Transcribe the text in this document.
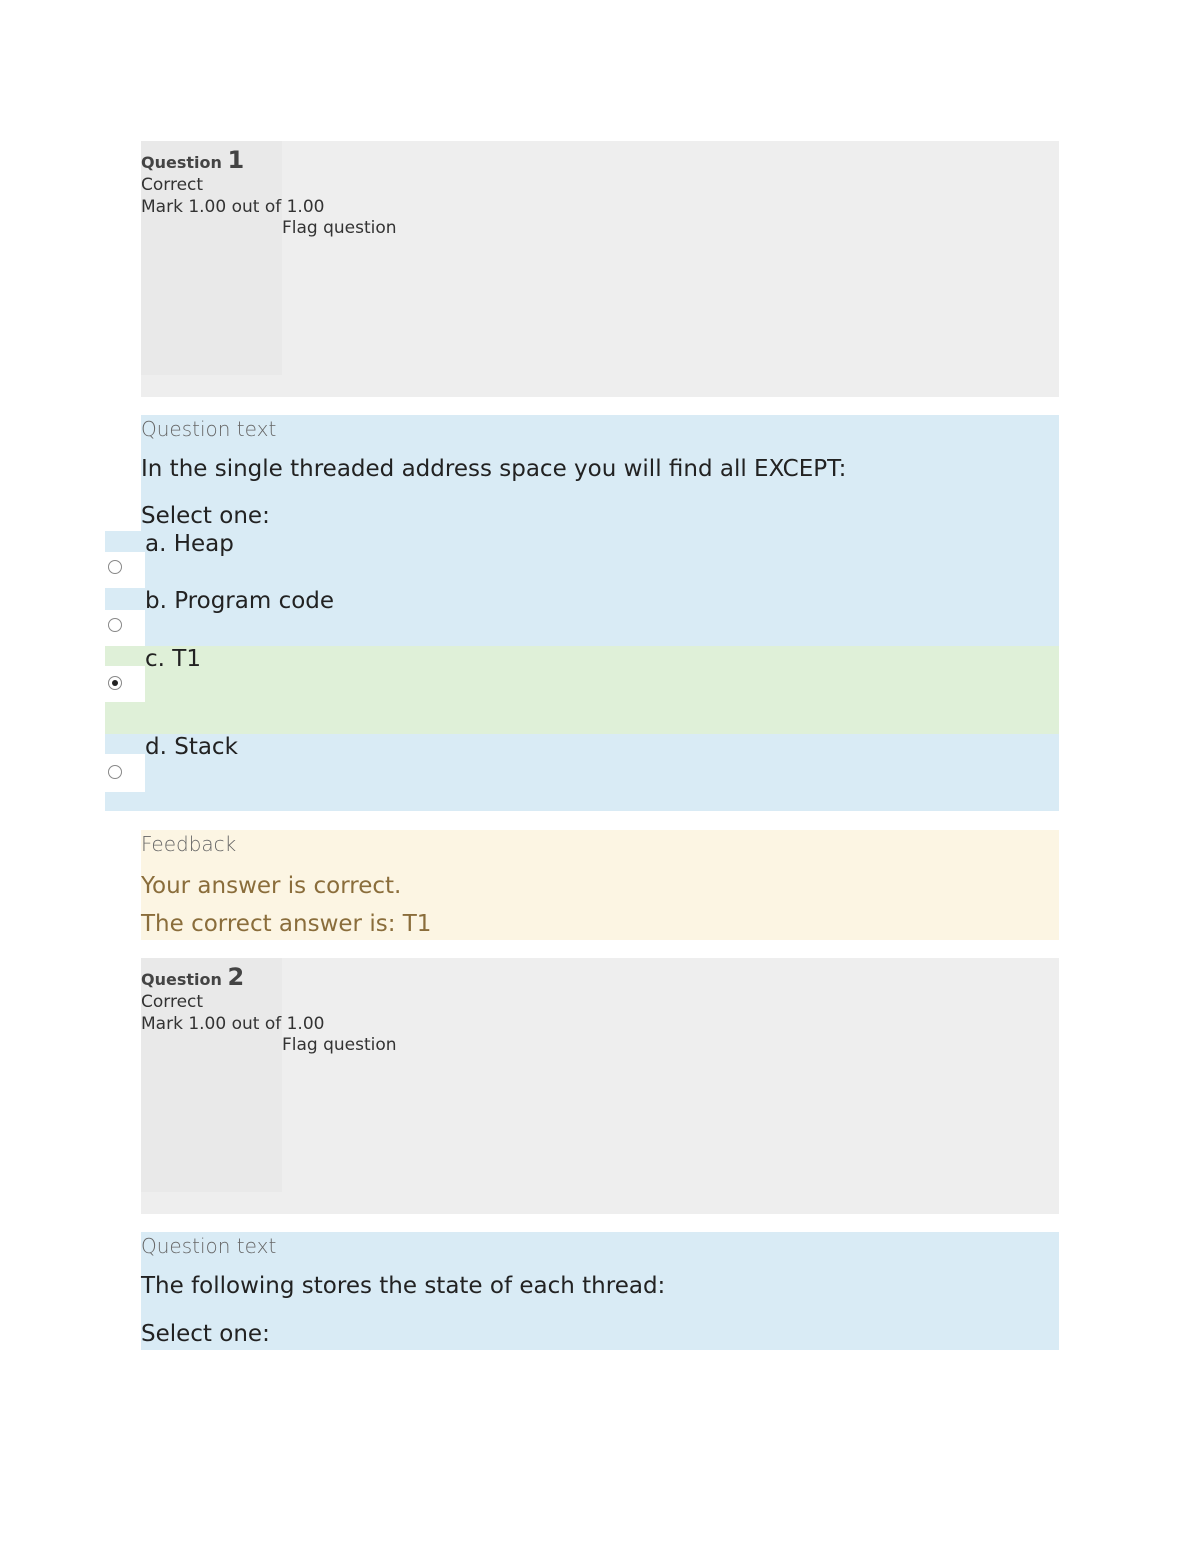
Question 1
Correct
Mark 1.00 out of 1.00
Flag question
Question text
In the single threaded address space you will find all EXCEPT:
Select one:
a. Heap
b. Program code
c. T1
d. Stack
Feedback
Your answer is correct.
The correct answer is: T1
Question 2
Correct
Mark 1.00 out of 1.00
Flag question
Question text
The following stores the state of each thread:
Select one:
